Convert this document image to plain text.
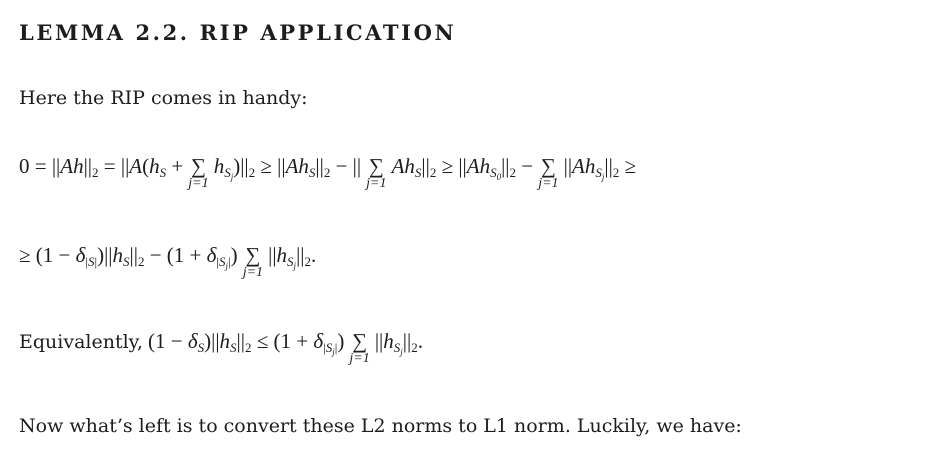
LEMMA 2.2. RIP APPLICATION
Here the RIP comes in handy:
$0 = ||Ah||_2 = ||A(h_S$ + ∑
j=1
$h_{S_j})||_2 \ge ||Ah_S||_2$ − || ∑
j=1
$Ah_S||_2 \ge ||Ah_{S_0}||_2$ − ∑
j=1
$||Ah_{S_j}||_2$ ≥
≥ $(1 - \delta_{|S|})||h_S||_2 - (1 + \delta_{|S_j|})$ ∑
j=1
$||h_{S_j}||_2$.
Equivalently, $(1 - \delta_S)||h_S||_2 \le (1 + \delta_{|S_j|})$ ∑
j=1
$||h_{S_j}||_2$.
Now what’s left is to convert these L2 norms to L1 norm. Luckily, we have:
